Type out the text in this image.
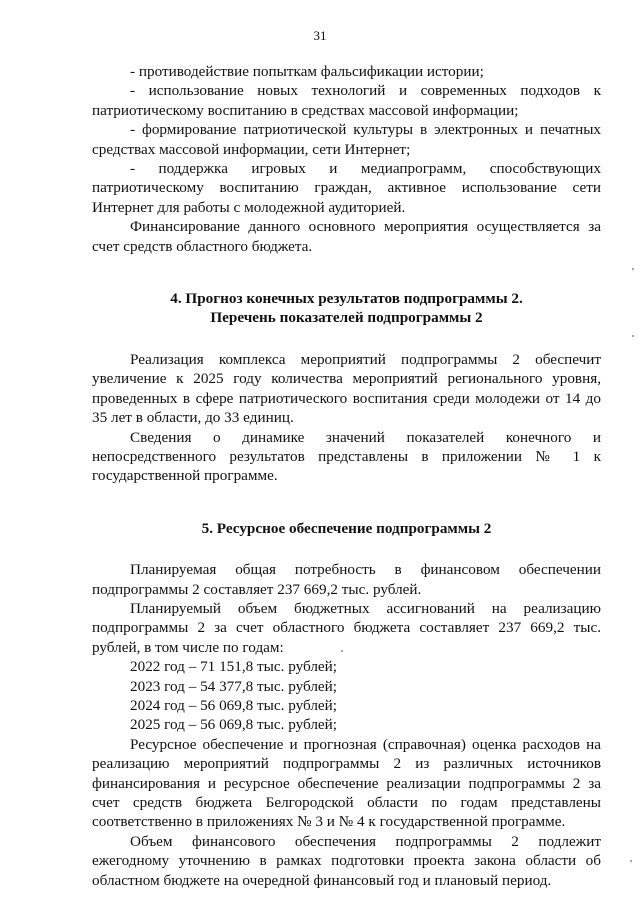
31

- противодействие попыткам фальсификации истории;

- использование новых технологий и современных подходов к патриотическому воспитанию в средствах массовой информации;

- формирование патриотической культуры в электронных и печатных средствах массовой информации, сети Интернет;

- поддержка игровых и медиапрограмм, способствующих патриотическому воспитанию граждан, активное использование сети Интернет для работы с молодежной аудиторией.

Финансирование данного основного мероприятия осуществляется за счет средств областного бюджета.

4. Прогноз конечных результатов подпрограммы 2.
Перечень показателей подпрограммы 2

Реализация комплекса мероприятий подпрограммы 2 обеспечит увеличение к 2025 году количества мероприятий регионального уровня, проведенных в сфере патриотического воспитания среди молодежи от 14 до 35 лет в области, до 33 единиц.

Сведения о динамике значений показателей конечного и непосредственного результатов представлены в приложении № 1 к государственной программе.

5. Ресурсное обеспечение подпрограммы 2

Планируемая общая потребность в финансовом обеспечении подпрограммы 2 составляет 237 669,2 тыс. рублей.

Планируемый объем бюджетных ассигнований на реализацию подпрограммы 2 за счет областного бюджета составляет 237 669,2 тыс. рублей, в том числе по годам:

2022 год – 71 151,8 тыс. рублей;

2023 год – 54 377,8 тыс. рублей;

2024 год – 56 069,8 тыс. рублей;

2025 год – 56 069,8 тыс. рублей;

Ресурсное обеспечение и прогнозная (справочная) оценка расходов на реализацию мероприятий подпрограммы 2 из различных источников финансирования и ресурсное обеспечение реализации подпрограммы 2 за счет средств бюджета Белгородской области по годам представлены соответственно в приложениях № 3 и № 4 к государственной программе.

Объем финансового обеспечения подпрограммы 2 подлежит ежегодному уточнению в рамках подготовки проекта закона области об областном бюджете на очередной финансовый год и плановый период.
